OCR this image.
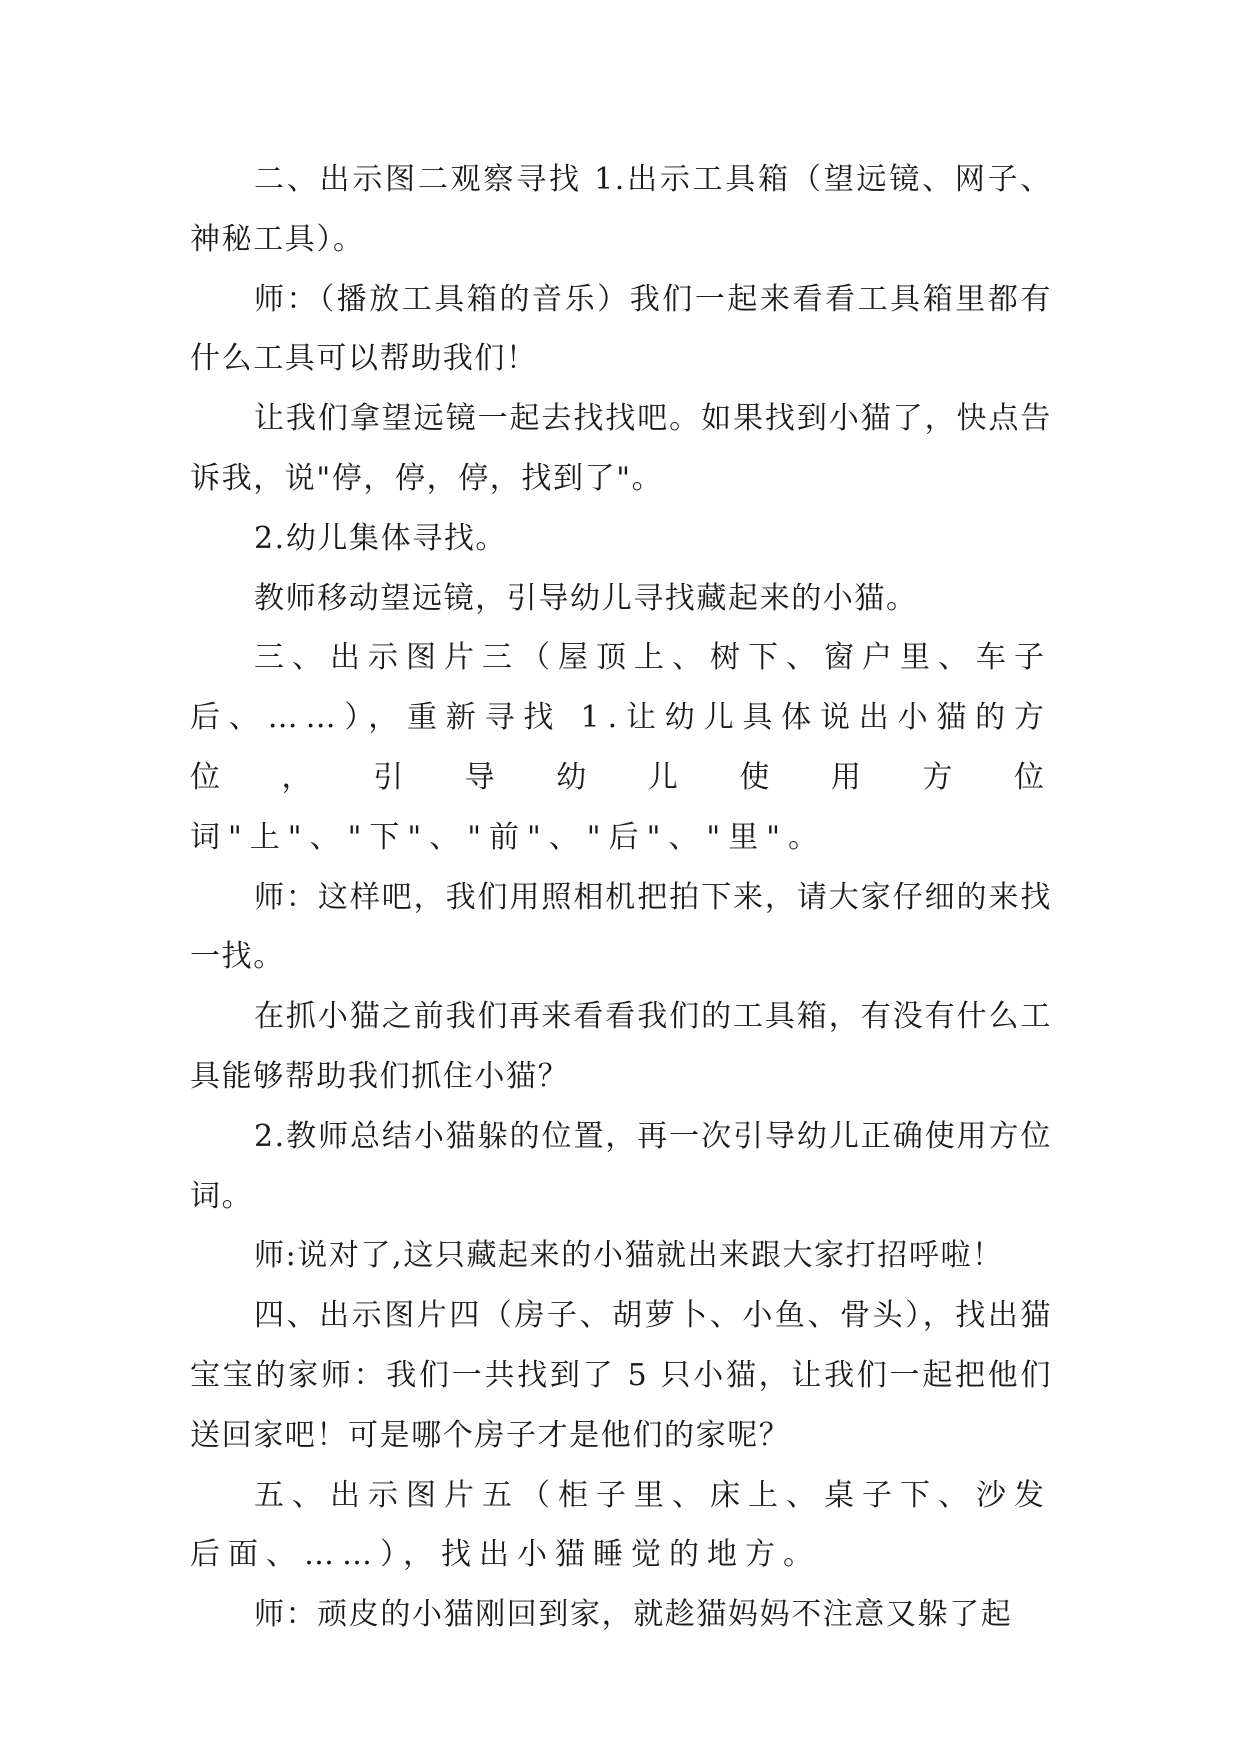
二、出示图二观察寻找 1.出示工具箱（望远镜、网子、神秘工具）。

师：（播放工具箱的音乐）我们一起来看看工具箱里都有什么工具可以帮助我们！

让我们拿望远镜一起去找找吧。如果找到小猫了，快点告诉我，说"停，停，停，找到了"。

2.幼儿集体寻找。

教师移动望远镜，引导幼儿寻找藏起来的小猫。

三、出示图片三（屋顶上、树下、窗户里、车子后、……），重新寻找 1.让幼儿具体说出小猫的方位，引导幼儿使用方位词"上"、"下"、"前"、"后"、"里"。

师：这样吧，我们用照相机把拍下来，请大家仔细的来找一找。

在抓小猫之前我们再来看看我们的工具箱，有没有什么工具能够帮助我们抓住小猫？

2.教师总结小猫躲的位置，再一次引导幼儿正确使用方位词。

师:说对了,这只藏起来的小猫就出来跟大家打招呼啦！

四、出示图片四（房子、胡萝卜、小鱼、骨头），找出猫宝宝的家师：我们一共找到了 5 只小猫，让我们一起把他们送回家吧！可是哪个房子才是他们的家呢？

五、出示图片五（柜子里、床上、桌子下、沙发后面、……），找出小猫睡觉的地方。

师：顽皮的小猫刚回到家，就趁猫妈妈不注意又躲了起
